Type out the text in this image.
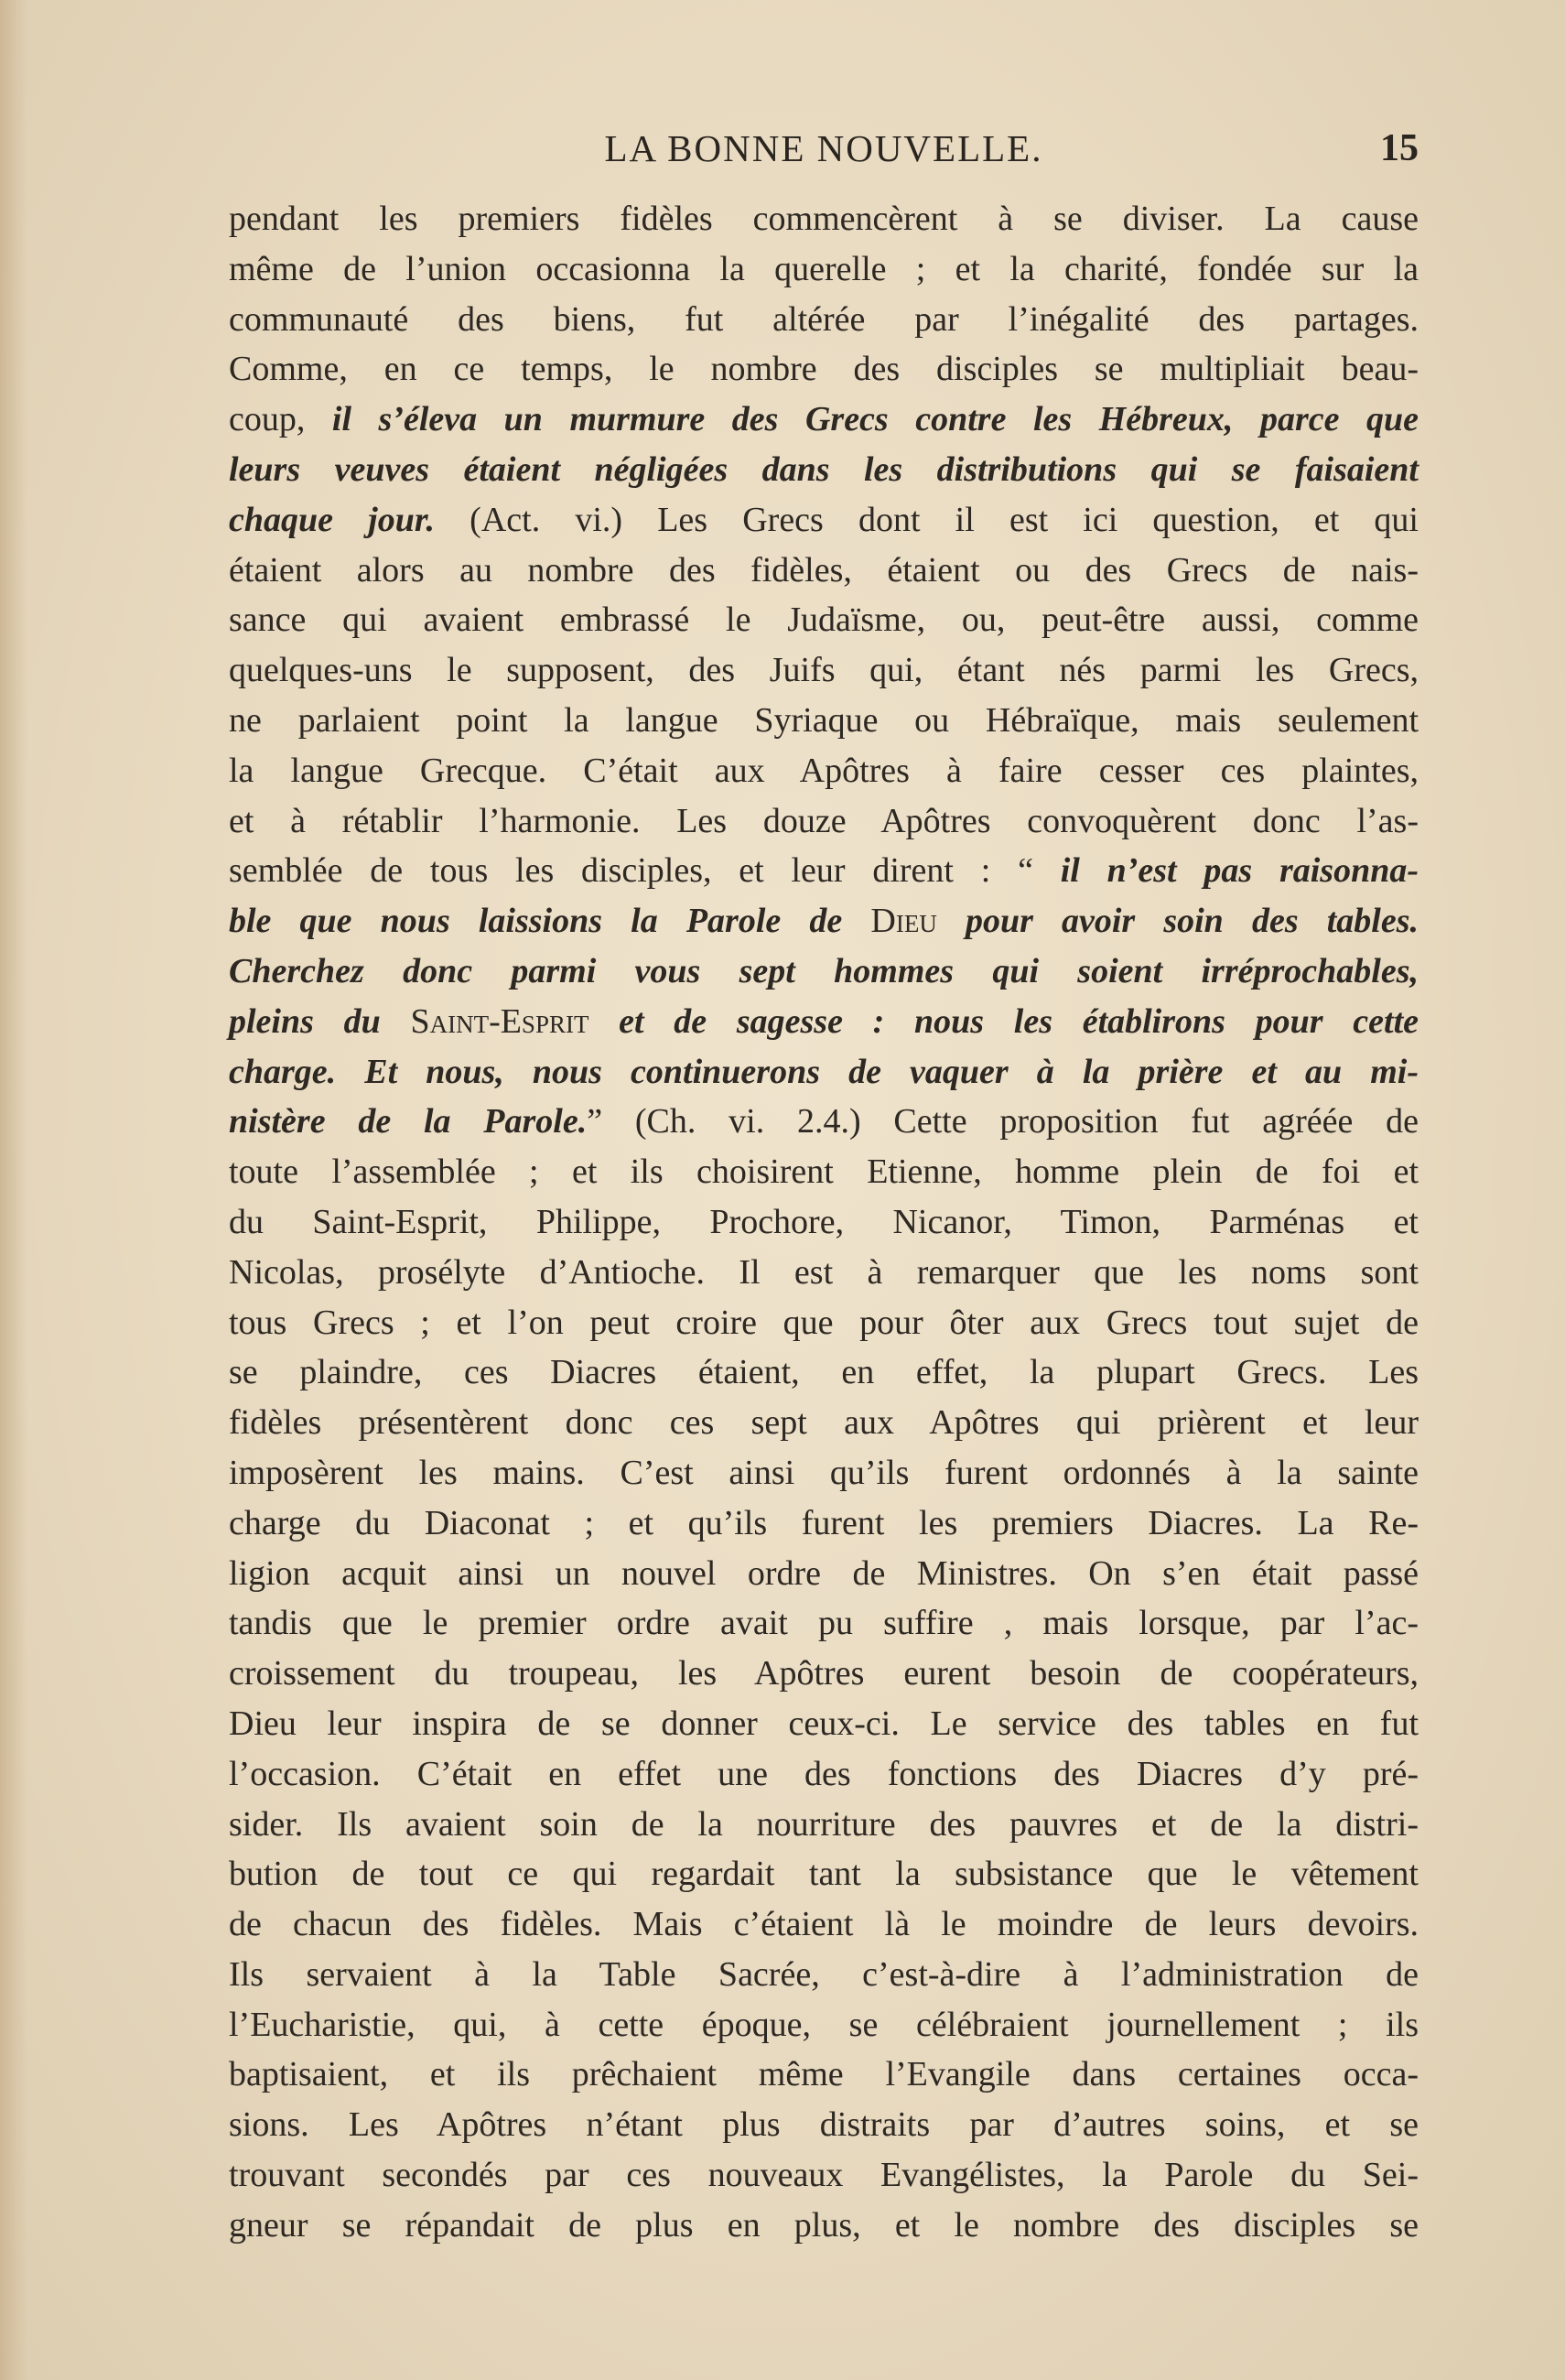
LA BONNE NOUVELLE.	15
pendant les premiers fidèles commencèrent à se diviser. La cause
même de l’union occasionna la querelle ; et la charité, fondée sur la
communauté des biens, fut altérée par l’inégalité des partages.
Comme, en ce temps, le nombre des disciples se multipliait beau-
coup, il s’éleva un murmure des Grecs contre les Hébreux, parce que
leurs veuves étaient négligées dans les distributions qui se faisaient
chaque jour. (Act. vi.) Les Grecs dont il est ici question, et qui
étaient alors au nombre des fidèles, étaient ou des Grecs de nais-
sance qui avaient embrassé le Judaïsme, ou, peut-être aussi, comme
quelques-uns le supposent, des Juifs qui, étant nés parmi les Grecs,
ne parlaient point la langue Syriaque ou Hébraïque, mais seulement
la langue Grecque. C’était aux Apôtres à faire cesser ces plaintes,
et à rétablir l’harmonie. Les douze Apôtres convoquèrent donc l’as-
semblée de tous les disciples, et leur dirent : “ il n’est pas raisonna-
ble que nous laissions la Parole de Dieu pour avoir soin des tables.
Cherchez donc parmi vous sept hommes qui soient irréprochables,
pleins du Saint-Esprit et de sagesse : nous les établirons pour cette
charge. Et nous, nous continuerons de vaquer à la prière et au mi-
nistère de la Parole.” (Ch. vi. 2.4.) Cette proposition fut agréée de
toute l’assemblée ; et ils choisirent Etienne, homme plein de foi et
du Saint-Esprit, Philippe, Prochore, Nicanor, Timon, Parménas et
Nicolas, prosélyte d’Antioche. Il est à remarquer que les noms sont
tous Grecs ; et l’on peut croire que pour ôter aux Grecs tout sujet de
se plaindre, ces Diacres étaient, en effet, la plupart Grecs. Les
fidèles présentèrent donc ces sept aux Apôtres qui prièrent et leur
imposèrent les mains. C’est ainsi qu’ils furent ordonnés à la sainte
charge du Diaconat ; et qu’ils furent les premiers Diacres. La Re-
ligion acquit ainsi un nouvel ordre de Ministres. On s’en était passé
tandis que le premier ordre avait pu suffire , mais lorsque, par l’ac-
croissement du troupeau, les Apôtres eurent besoin de coopérateurs,
Dieu leur inspira de se donner ceux-ci. Le service des tables en fut
l’occasion. C’était en effet une des fonctions des Diacres d’y pré-
sider. Ils avaient soin de la nourriture des pauvres et de la distri-
bution de tout ce qui regardait tant la subsistance que le vêtement
de chacun des fidèles. Mais c’étaient là le moindre de leurs devoirs.
Ils servaient à la Table Sacrée, c’est-à-dire à l’administration de
l’Eucharistie, qui, à cette époque, se célébraient journellement ; ils
baptisaient, et ils prêchaient même l’Evangile dans certaines occa-
sions. Les Apôtres n’étant plus distraits par d’autres soins, et se
trouvant secondés par ces nouveaux Evangélistes, la Parole du Sei-
gneur se répandait de plus en plus, et le nombre des disciples se
